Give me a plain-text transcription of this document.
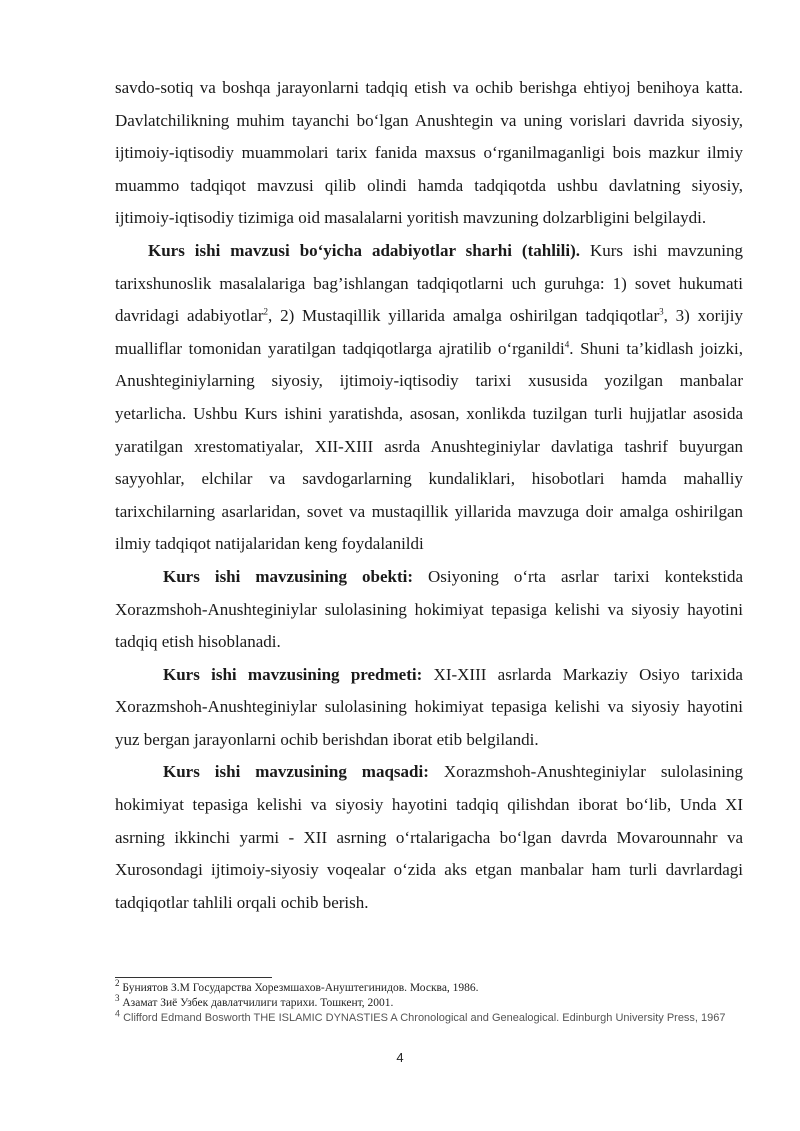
savdo-sotiq va boshqa jarayonlarni tadqiq etish va ochib berishga ehtiyoj benihoya katta. Davlatchilikning muhim tayanchi bo‘lgan Anushtegin va uning vorislari davrida siyosiy, ijtimoiy-iqtisodiy muammolari tarix fanida maxsus o‘rganilmaganligi bois mazkur ilmiy muammo tadqiqot mavzusi qilib olindi hamda tadqiqotda ushbu davlatning siyosiy, ijtimoiy-iqtisodiy tizimiga oid masalalarni yoritish mavzuning dolzarbligini belgilaydi.

Kurs ishi mavzusi bo‘yicha adabiyotlar sharhi (tahlili). Kurs ishi mavzuning tarixshunoslik masalalariga bag’ishlangan tadqiqotlarni uch guruhga: 1) sovet hukumati davridagi adabiyotlar$^2$, 2) Mustaqillik yillarida amalga oshirilgan tadqiqotlar$^3$, 3) xorijiy mualliflar tomonidan yaratilgan tadqiqotlarga ajratilib o‘rganildi$^4$. Shuni ta’kidlash joizki, Anushteginiylarning siyosiy, ijtimoiy-iqtisodiy tarixi xususida yozilgan manbalar yetarlicha. Ushbu Kurs ishini yaratishda, asosan, xonlikda tuzilgan turli hujjatlar asosida yaratilgan xrestomatiyalar, XII-XIII asrda Anushteginiylar davlatiga tashrif buyurgan sayyohlar, elchilar va savdogarlarning kundaliklari, hisobotlari hamda mahalliy tarixchilarning asarlaridan, sovet va mustaqillik yillarida mavzuga doir amalga oshirilgan ilmiy tadqiqot natijalaridan keng foydalanildi

Kurs ishi mavzusining obekti: Osiyoning o‘rta asrlar tarixi kontekstida Xorazmshoh-Anushteginiylar sulolasining hokimiyat tepasiga kelishi va siyosiy hayotini tadqiq etish hisoblanadi.

Kurs ishi mavzusining predmeti: XI-XIII asrlarda Markaziy Osiyo tarixida Xorazmshoh-Anushteginiylar sulolasining hokimiyat tepasiga kelishi va siyosiy hayotini yuz bergan jarayonlarni ochib berishdan iborat etib belgilandi.

Kurs ishi mavzusining maqsadi: Xorazmshoh-Anushteginiylar sulolasining hokimiyat tepasiga kelishi va siyosiy hayotini tadqiq qilishdan iborat bo‘lib, Unda XI asrning ikkinchi yarmi - XII asrning o‘rtalarigacha bo‘lgan davrda Movarounnahr va Xurosondagi ijtimoiy-siyosiy voqealar o‘zida aks etgan manbalar ham turli davrlardagi tadqiqotlar tahlili orqali ochib berish.

$^2$ Буниятов З.М Государства Хорезмшахов-Ануштегинидов. Москва, 1986.
$^3$ Азамат Зиё Узбек давлатчилиги тарихи. Тошкент, 2001.
$^4$ Clifford Edmand Bosworth THE ISLAMIC DYNASTIES A Chronological and Genealogical. Edinburgh University Press, 1967
4
